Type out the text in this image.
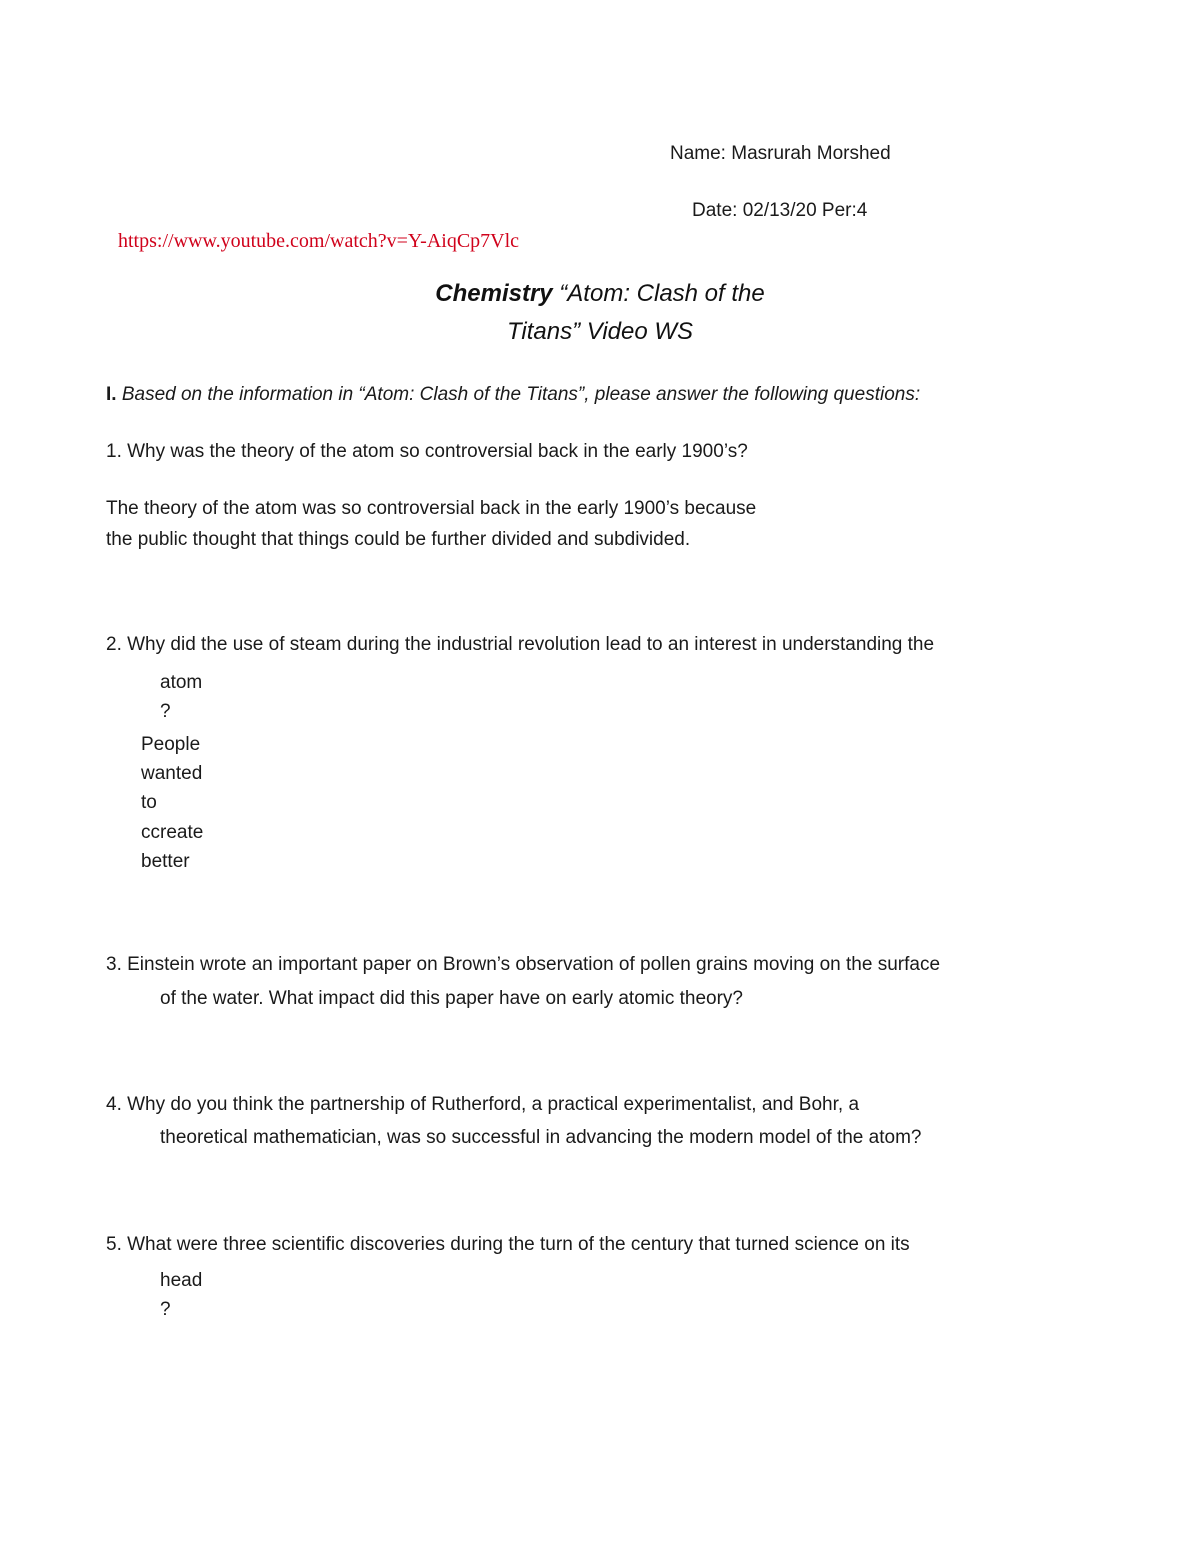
Name: Masrurah Morshed
Date: 02/13/20 Per:4
https://www.youtube.com/watch?v=Y-AiqCp7Vlc
Chemistry “Atom: Clash of the
Titans” Video WS
I. Based on the information in “Atom: Clash of the Titans”, please answer the following questions:
1. Why was the theory of the atom so controversial back in the early 1900’s?
The theory of the atom was so controversial back in the early 1900’s because
the public thought that things could be further divided and subdivided.
2. Why did the use of steam during the industrial revolution lead to an interest in understanding the
atom
?
People
wanted
to
ccreate
better
3. Einstein wrote an important paper on Brown’s observation of pollen grains moving on the surface
of the water. What impact did this paper have on early atomic theory?
4. Why do you think the partnership of Rutherford, a practical experimentalist, and Bohr, a
theoretical mathematician, was so successful in advancing the modern model of the atom?
5. What were three scientific discoveries during the turn of the century that turned science on its
head
?
